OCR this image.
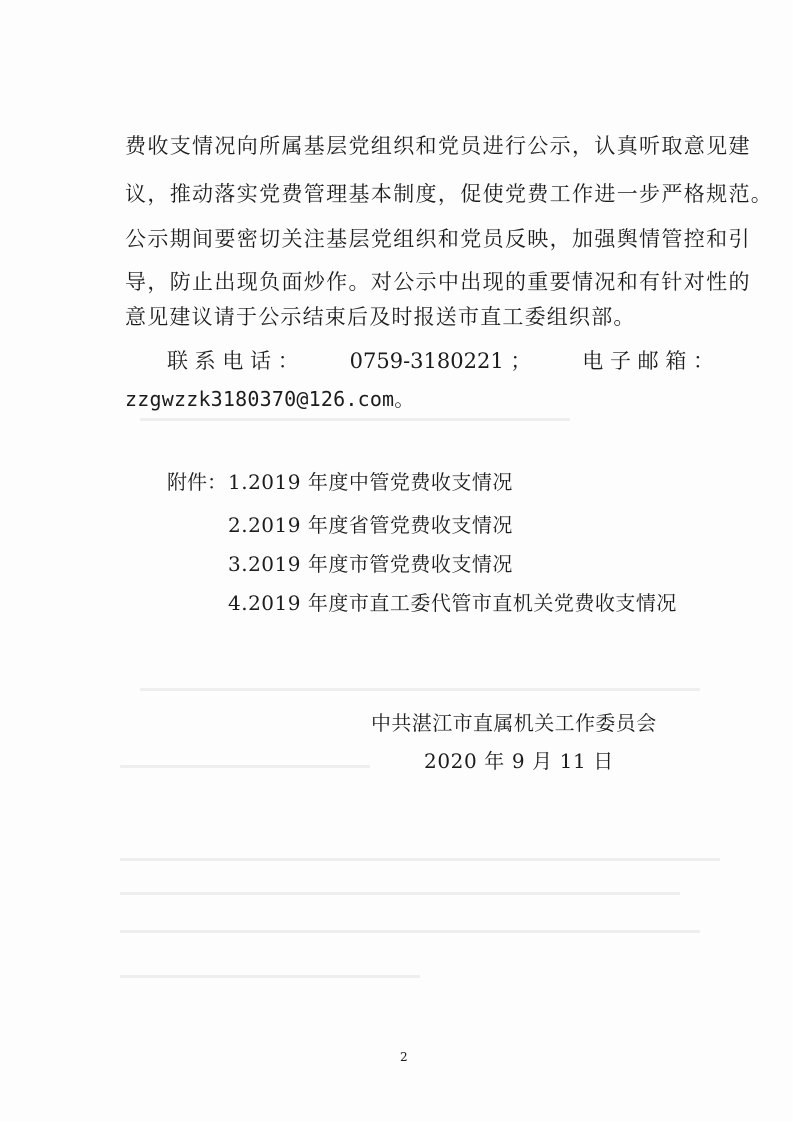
费收支情况向所属基层党组织和党员进行公示，认真听取意见建
议，推动落实党费管理基本制度，促使党费工作进一步严格规范。
公示期间要密切关注基层党组织和党员反映，加强舆情管控和引
导，防止出现负面炒作。对公示中出现的重要情况和有针对性的
意见建议请于公示结束后及时报送市直工委组织部。
联 系 电 话 ： 0759-3180221 ； 电 子 邮 箱 ：
zzgwzzk3180370@126.com。
附件： 1.2019 年度中管党费收支情况
2.2019 年度省管党费收支情况
3.2019 年度市管党费收支情况
4.2019 年度市直工委代管市直机关党费收支情况
中共湛江市直属机关工作委员会
2020 年 9 月 11 日
2
